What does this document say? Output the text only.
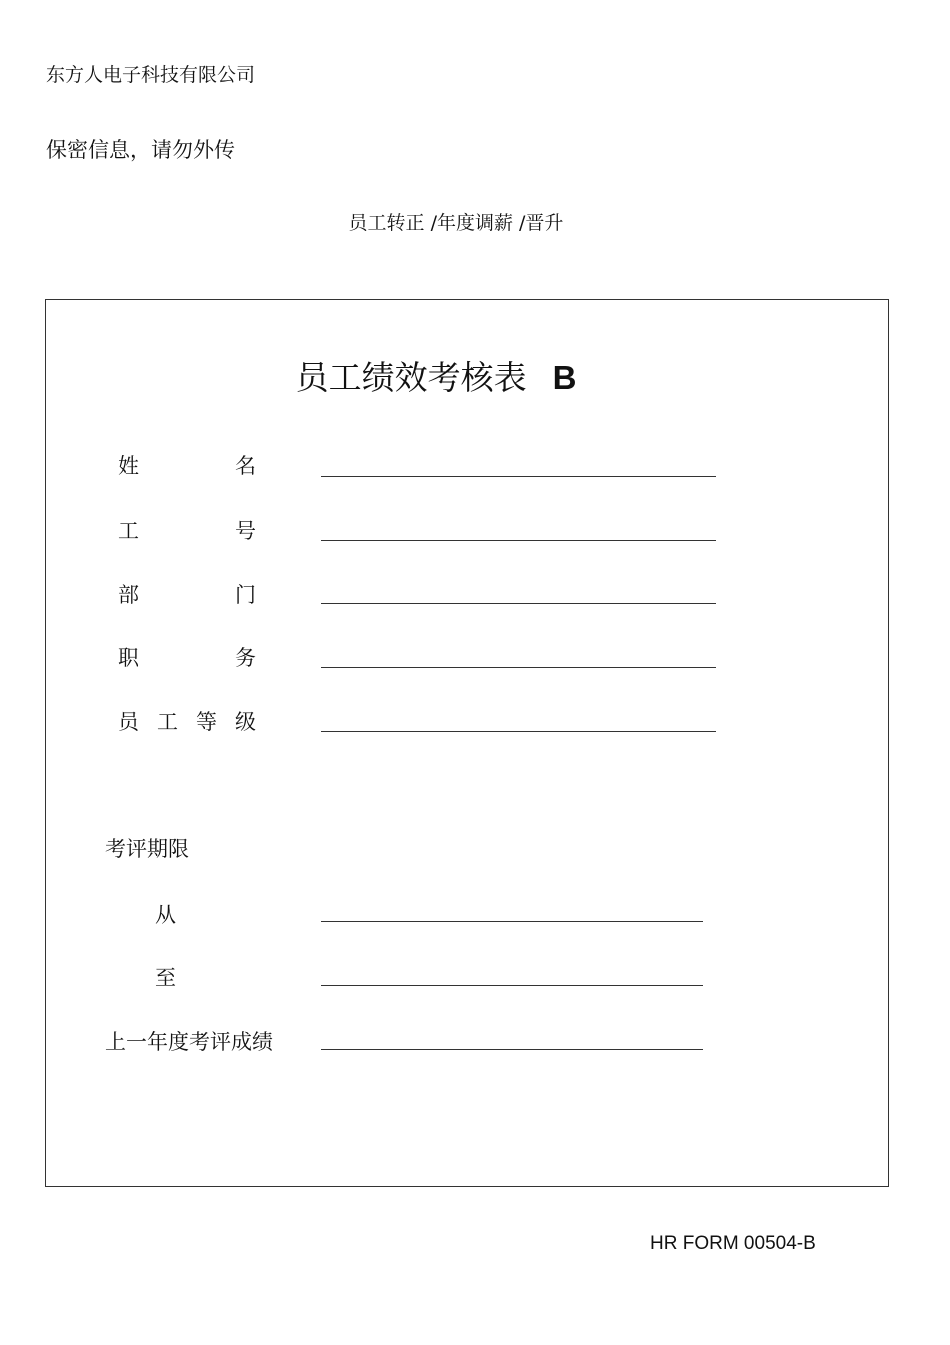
东方人电子科技有限公司
保密信息，请勿外传
员工转正 /年度调薪 /晋升
员工绩效考核表 B
姓	名
工	号
部	门
职	务
员 工 等 级
考评期限
从
至
上一年度考评成绩
HR FORM 00504-B
